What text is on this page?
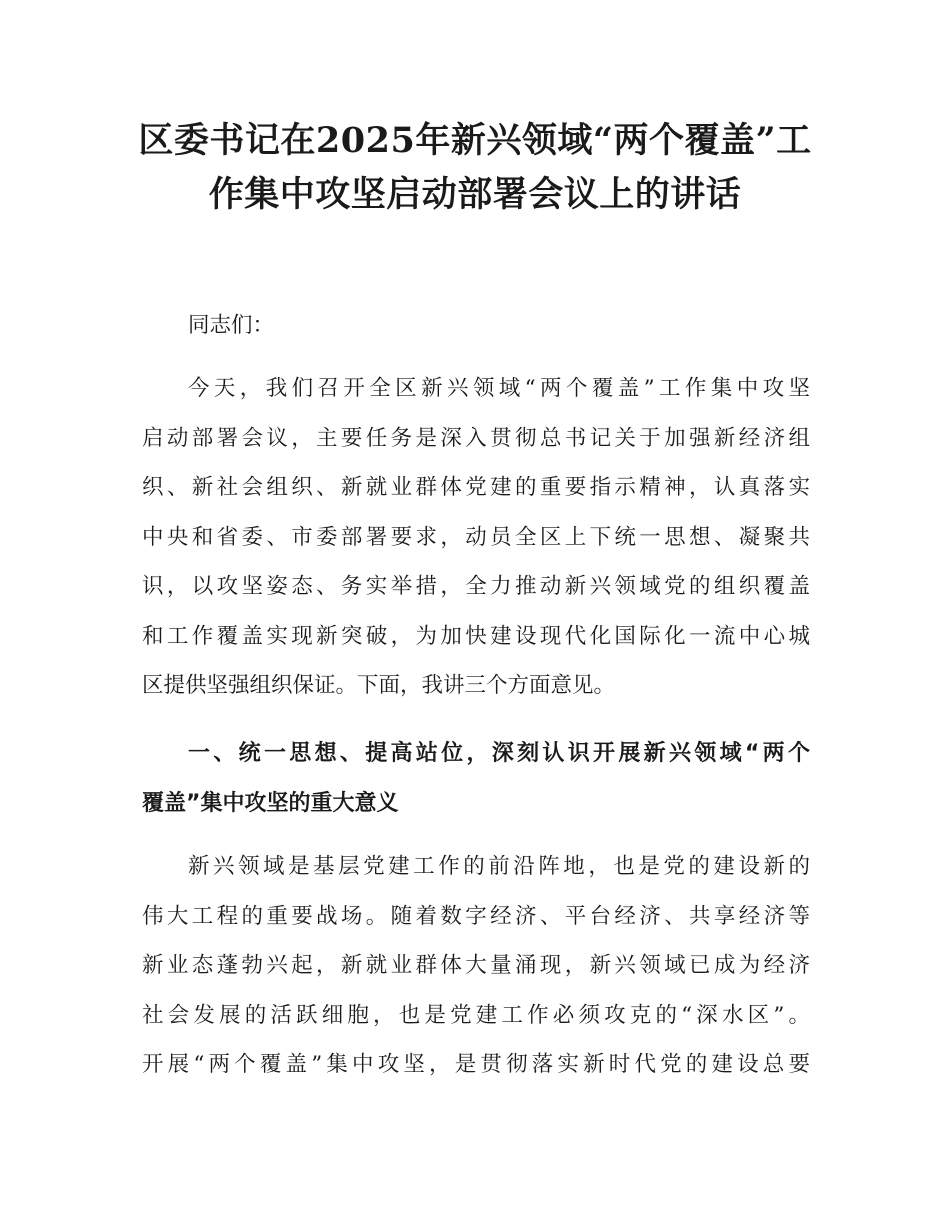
区委书记在2025年新兴领域“两个覆盖”工
作集中攻坚启动部署会议上的讲话

同志们：

今天，我们召开全区新兴领域“两个覆盖”工作集中攻坚
启动部署会议，主要任务是深入贯彻总书记关于加强新经济组
织、新社会组织、新就业群体党建的重要指示精神，认真落实
中央和省委、市委部署要求，动员全区上下统一思想、凝聚共
识，以攻坚姿态、务实举措，全力推动新兴领域党的组织覆盖
和工作覆盖实现新突破，为加快建设现代化国际化一流中心城
区提供坚强组织保证。下面，我讲三个方面意见。

一、统一思想、提高站位，深刻认识开展新兴领域“两个
覆盖”集中攻坚的重大意义

新兴领域是基层党建工作的前沿阵地，也是党的建设新的
伟大工程的重要战场。随着数字经济、平台经济、共享经济等
新业态蓬勃兴起，新就业群体大量涌现，新兴领域已成为经济
社会发展的活跃细胞，也是党建工作必须攻克的“深水区”。
开展“两个覆盖”集中攻坚，是贯彻落实新时代党的建设总要
